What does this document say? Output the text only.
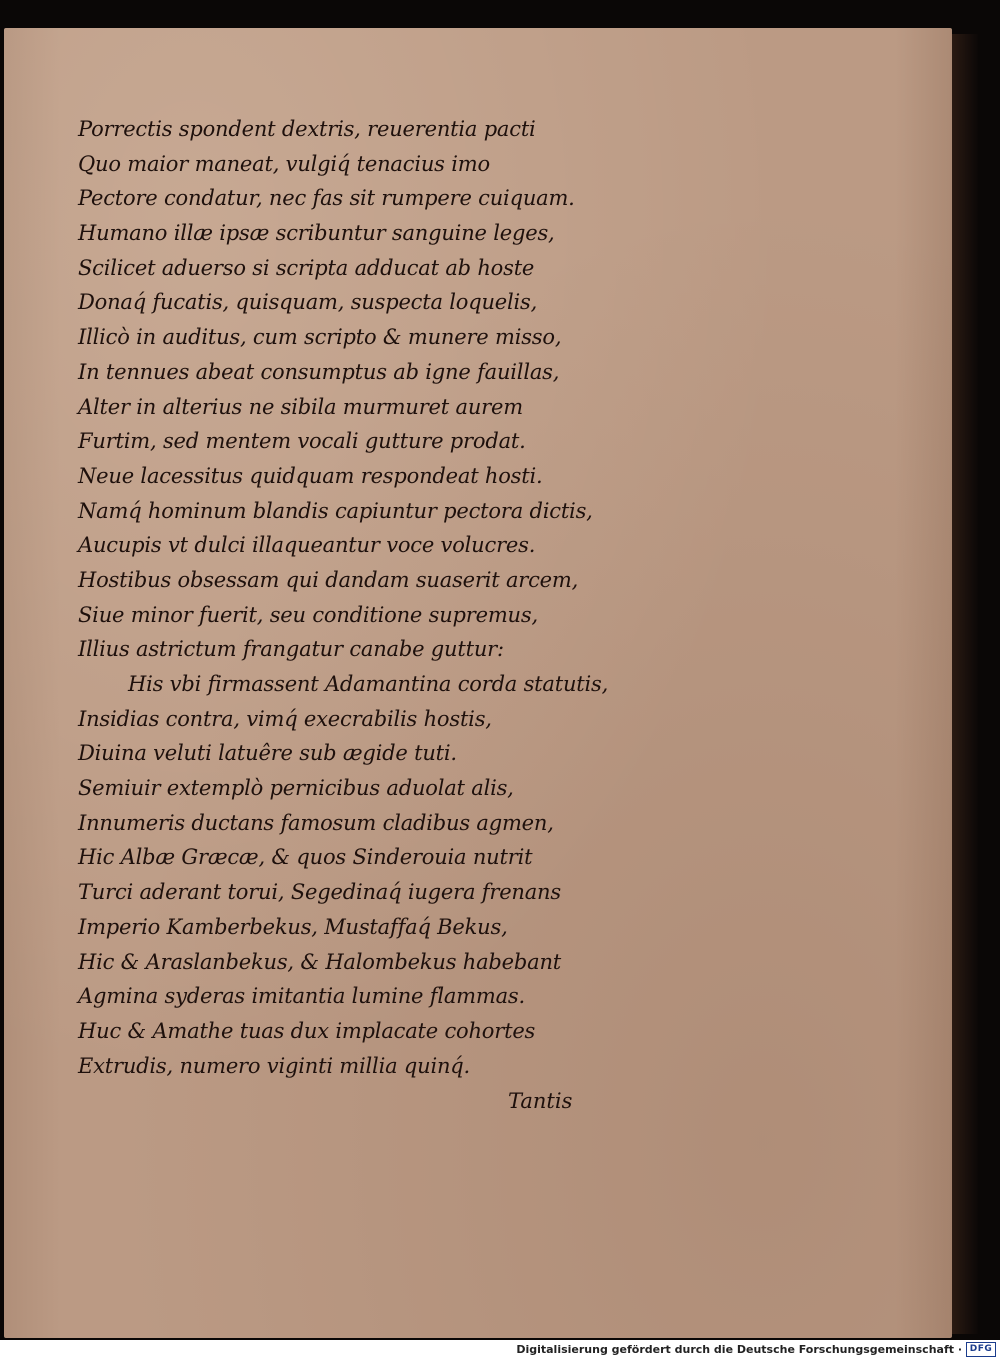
Porrectis spondent dextris, reuerentia pacti
Quo maior maneat, vulgiq́ tenacius imo
Pectore condatur, nec fas sit rumpere cuiquam.
Humano illæ ipsæ scribuntur sanguine leges,
Scilicet aduerso si scripta adducat ab hoste
Donaq́ fucatis, quisquam, suspecta loquelis,
Illicò in auditus, cum scripto & munere misso,
In tennues abeat consumptus ab igne fauillas,
Alter in alterius ne sibila murmuret aurem
Furtim, sed mentem vocali gutture prodat.
Neue lacessitus quidquam respondeat hosti.
Namq́ hominum blandis capiuntur pectora dictis,
Aucupis vt dulci illaqueantur voce volucres.
Hostibus obsessam qui dandam suaserit arcem,
Siue minor fuerit, seu conditione supremus,
Illius astrictum frangatur canabe guttur:
His vbi firmassent Adamantina corda statutis,
Insidias contra, vimq́ execrabilis hostis,
Diuina veluti latuêre sub ægide tuti.
Semiuir extemplò pernicibus aduolat alis,
Innumeris ductans famosum cladibus agmen,
Hic Albæ Græcæ, & quos Sinderouia nutrit
Turci aderant torui, Segedinaq́ iugera frenans
Imperio Kamberbekus, Mustaffaq́ Bekus,
Hic & Araslanbekus, & Halombekus habebant
Agmina syderas imitantia lumine flammas.
Huc & Amathe tuas dux implacate cohortes
Extrudis, numero viginti millia quinq́.
Tantis
Digitalisierung gefördert durch die Deutsche Forschungsgemeinschaft · DFG
